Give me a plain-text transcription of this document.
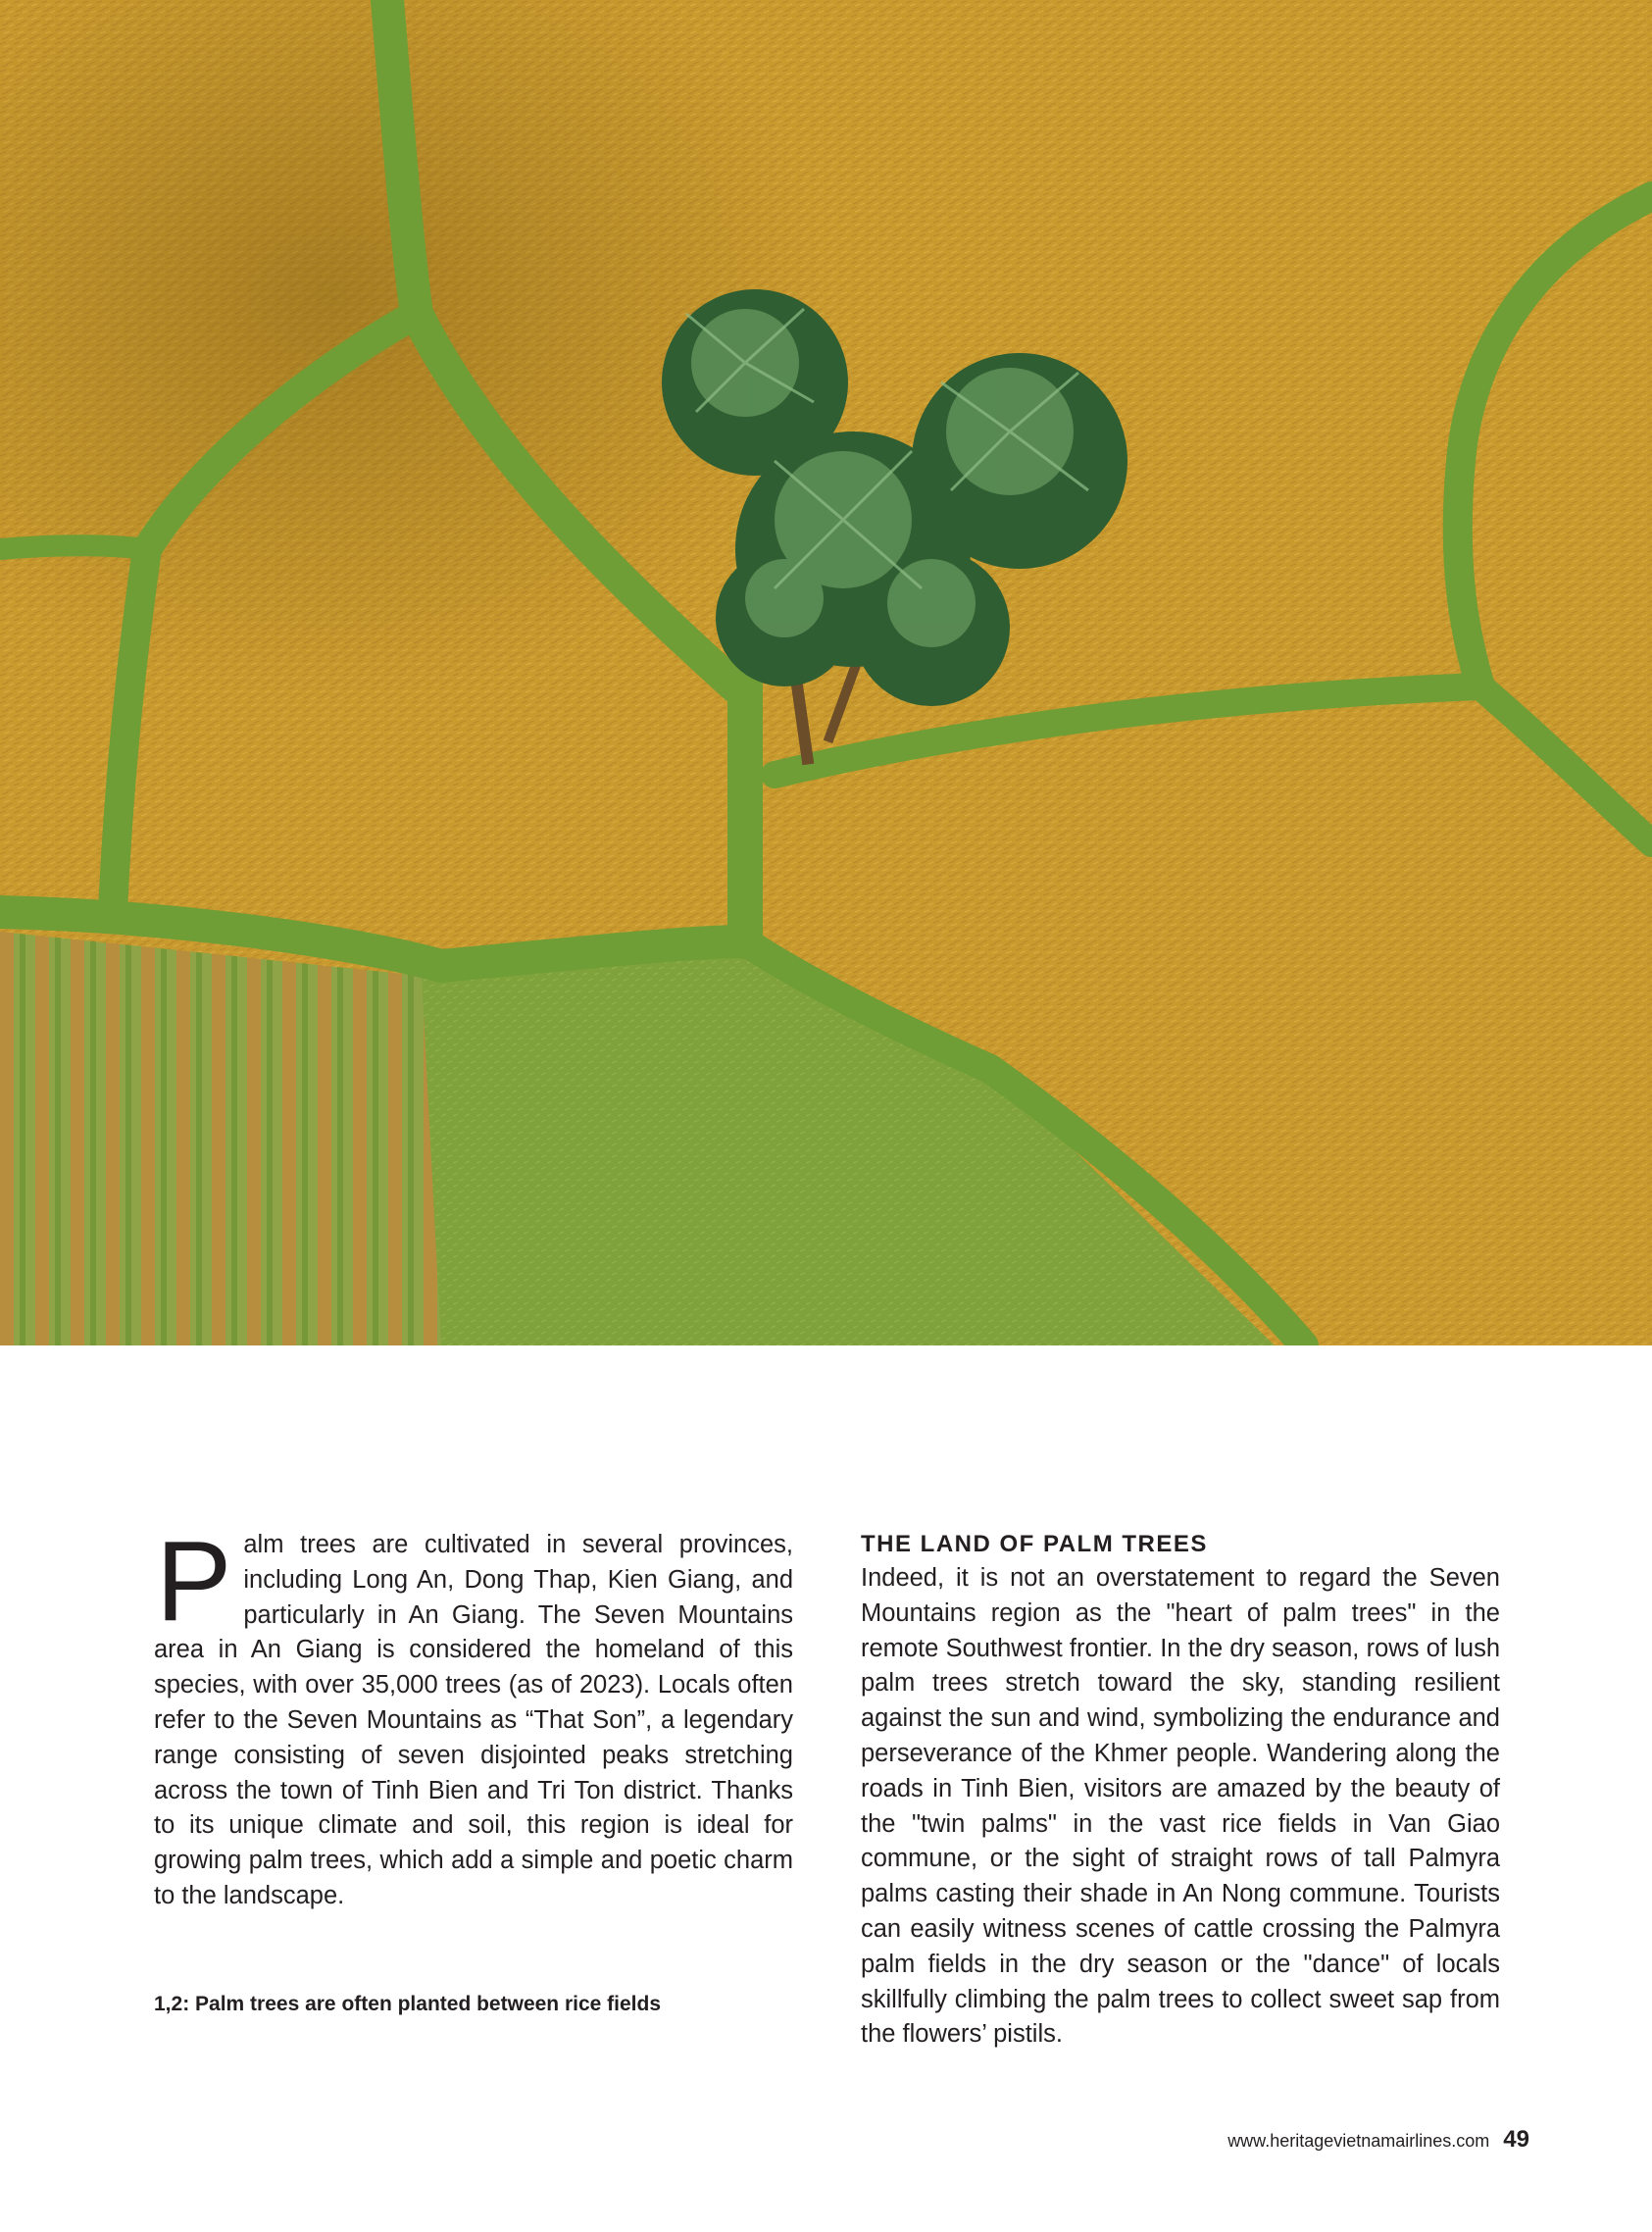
P alm trees are cultivated in several provinces, including Long An, Dong Thap, Kien Giang, and particularly in An Giang. The Seven Mountains area in An Giang is considered the homeland of this species, with over 35,000 trees (as of 2023). Locals often refer to the Seven Mountains as “That Son”, a legendary range consisting of seven disjointed peaks stretching across the town of Tinh Bien and Tri Ton district. Thanks to its unique climate and soil, this region is ideal for growing palm trees, which add a simple and poetic charm to the landscape.

THE LAND OF PALM TREES

Indeed, it is not an overstatement to regard the Seven Mountains region as the "heart of palm trees" in the remote Southwest frontier. In the dry season, rows of lush palm trees stretch toward the sky, standing resilient against the sun and wind, symbolizing the endurance and perseverance of the Khmer people. Wandering along the roads in Tinh Bien, visitors are amazed by the beauty of the "twin palms" in the vast rice fields in Van Giao commune, or the sight of straight rows of tall Palmyra palms casting their shade in An Nong commune. Tourists can easily witness scenes of cattle crossing the Palmyra palm fields in the dry season or the "dance" of locals skillfully climbing the palm trees to collect sweet sap from the flowers’ pistils.

1,2: Palm trees are often planted between rice fields
www.heritagevietnamairlines.com 49
